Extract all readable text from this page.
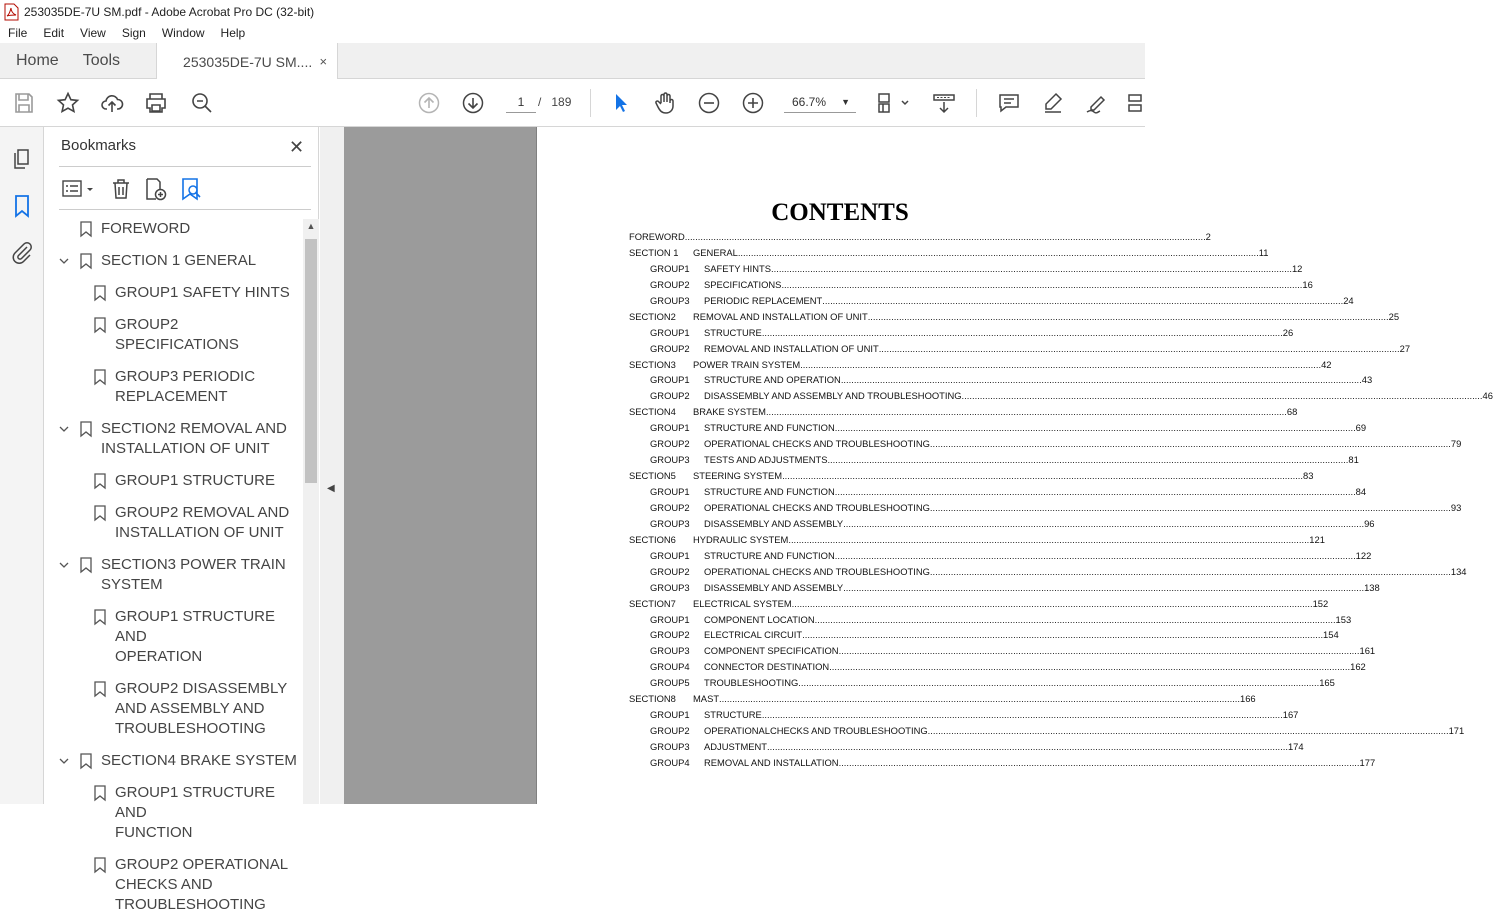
253035DE-7U SM.pdf - Adobe Acrobat Pro DC (32-bit)
File	Edit	View	Sign	Window	Help
Home Tools	253035DE-7U SM.... ×
1	/ 189	66.7% ▼
Bookmarks	✕
FOREWORD
SECTION 1 GENERAL
GROUP1 SAFETY HINTS
GROUP2 SPECIFICATIONS
GROUP3 PERIODIC
REPLACEMENT
SECTION2 REMOVAL AND
INSTALLATION OF UNIT
GROUP1 STRUCTURE
GROUP2 REMOVAL AND
INSTALLATION OF UNIT
SECTION3 POWER TRAIN
SYSTEM
GROUP1 STRUCTURE AND
OPERATION
GROUP2 DISASSEMBLY
AND ASSEMBLY AND
TROUBLESHOOTING
SECTION4 BRAKE SYSTEM
GROUP1 STRUCTURE AND
FUNCTION
GROUP2 OPERATIONAL
CHECKS AND
TROUBLESHOOTING
▲
◀
CONTENTS
FOREWORD ........................................................................................................................................................................................................ 2
SECTION 1	GENERAL ........................................................................................................................................................................................................ 11
GROUP1	SAFETY HINTS ........................................................................................................................................................................................................ 12
GROUP2	SPECIFICATIONS ........................................................................................................................................................................................................ 16
GROUP3	PERIODIC REPLACEMENT ........................................................................................................................................................................................................ 24
SECTION2	REMOVAL AND INSTALLATION OF UNIT ........................................................................................................................................................................................................ 25
GROUP1	STRUCTURE ........................................................................................................................................................................................................ 26
GROUP2	REMOVAL AND INSTALLATION OF UNIT ........................................................................................................................................................................................................ 27
SECTION3	POWER TRAIN SYSTEM ........................................................................................................................................................................................................ 42
GROUP1	STRUCTURE AND OPERATION ........................................................................................................................................................................................................ 43
GROUP2	DISASSEMBLY AND ASSEMBLY AND TROUBLESHOOTING ........................................................................................................................................................................................................ 46
SECTION4	BRAKE SYSTEM ........................................................................................................................................................................................................ 68
GROUP1	STRUCTURE AND FUNCTION ........................................................................................................................................................................................................ 69
GROUP2	OPERATIONAL CHECKS AND TROUBLESHOOTING ........................................................................................................................................................................................................ 79
GROUP3	TESTS AND ADJUSTMENTS ........................................................................................................................................................................................................ 81
SECTION5	STEERING SYSTEM ........................................................................................................................................................................................................ 83
GROUP1	STRUCTURE AND FUNCTION ........................................................................................................................................................................................................ 84
GROUP2	OPERATIONAL CHECKS AND TROUBLESHOOTING ........................................................................................................................................................................................................ 93
GROUP3	DISASSEMBLY AND ASSEMBLY ........................................................................................................................................................................................................ 96
SECTION6	HYDRAULIC SYSTEM ........................................................................................................................................................................................................ 121
GROUP1	STRUCTURE AND FUNCTION ........................................................................................................................................................................................................ 122
GROUP2	OPERATIONAL CHECKS AND TROUBLESHOOTING ........................................................................................................................................................................................................ 134
GROUP3	DISASSEMBLY AND ASSEMBLY ........................................................................................................................................................................................................ 138
SECTION7	ELECTRICAL SYSTEM ........................................................................................................................................................................................................ 152
GROUP1	COMPONENT LOCATION ........................................................................................................................................................................................................ 153
GROUP2	ELECTRICAL CIRCUIT ........................................................................................................................................................................................................ 154
GROUP3	COMPONENT SPECIFICATION ........................................................................................................................................................................................................ 161
GROUP4	CONNECTOR DESTINATION ........................................................................................................................................................................................................ 162
GROUP5	TROUBLESHOOTING ........................................................................................................................................................................................................ 165
SECTION8	MAST ........................................................................................................................................................................................................ 166
GROUP1	STRUCTURE ........................................................................................................................................................................................................ 167
GROUP2	OPERATIONALCHECKS AND TROUBLESHOOTING ........................................................................................................................................................................................................ 171
GROUP3	ADJUSTMENT ........................................................................................................................................................................................................ 174
GROUP4	REMOVAL AND INSTALLATION ........................................................................................................................................................................................................ 177
